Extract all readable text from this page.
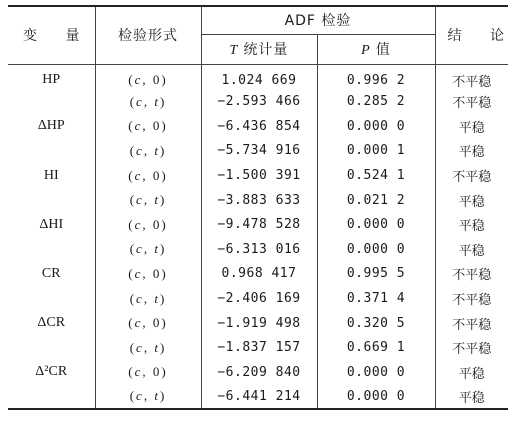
变 量	检验形式	ADF 检验		结 论
		T 统计量	P 值	
HP	(c, 0)	1.024 669	0.996 2	不平稳
	(c, t)	−2.593 466	0.285 2	不平稳
ΔHP	(c, 0)	−6.436 854	0.000 0	平稳
	(c, t)	−5.734 916	0.000 1	平稳
HI	(c, 0)	−1.500 391	0.524 1	不平稳
	(c, t)	−3.883 633	0.021 2	平稳
ΔHI	(c, 0)	−9.478 528	0.000 0	平稳
	(c, t)	−6.313 016	0.000 0	平稳
CR	(c, 0)	0.968 417	0.995 5	不平稳
	(c, t)	−2.406 169	0.371 4	不平稳
ΔCR	(c, 0)	−1.919 498	0.320 5	不平稳
	(c, t)	−1.837 157	0.669 1	不平稳
Δ²CR	(c, 0)	−6.209 840	0.000 0	平稳
	(c, t)	−6.441 214	0.000 0	平稳
